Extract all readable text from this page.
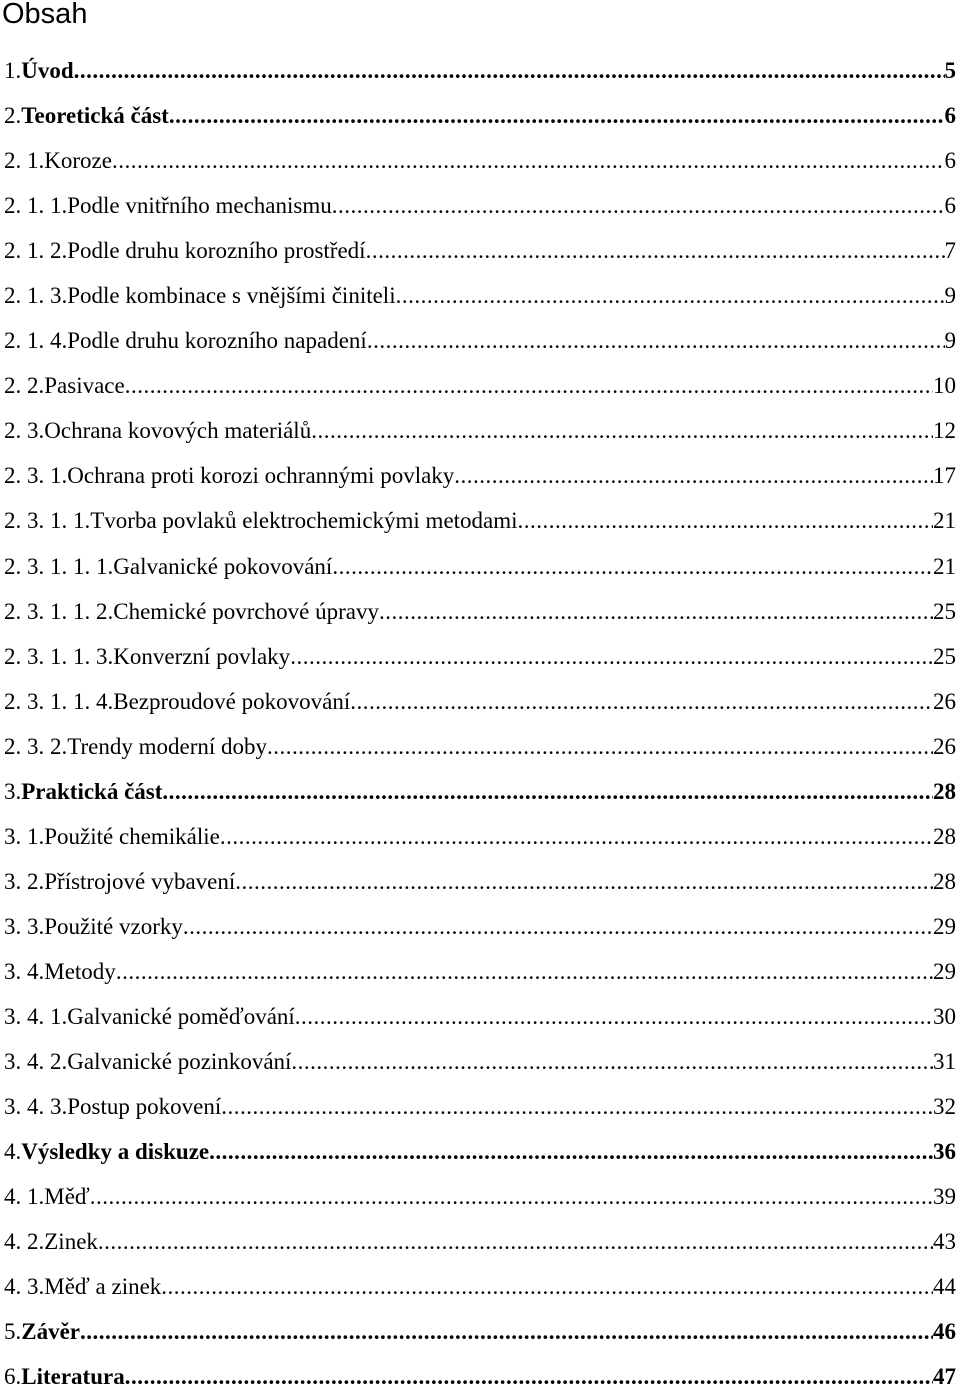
Obsah
1. Úvod .....	5
2. Teoretická část .....	6
2. 1. Koroze .....	6
2. 1. 1. Podle vnitřního mechanismu .....	6
2. 1. 2. Podle druhu korozního prostředí .....	7
2. 1. 3. Podle kombinace s vnějšími činiteli .....	9
2. 1. 4. Podle druhu korozního napadení .....	9
2. 2. Pasivace .....	10
2. 3. Ochrana kovových materiálů .....	12
2. 3. 1. Ochrana proti korozi ochrannými povlaky .....	17
2. 3. 1. 1. Tvorba povlaků elektrochemickými metodami .....	21
2. 3. 1. 1. 1. Galvanické pokovování .....	21
2. 3. 1. 1. 2. Chemické povrchové úpravy .....	25
2. 3. 1. 1. 3. Konverzní povlaky .....	25
2. 3. 1. 1. 4. Bezproudové pokovování .....	26
2. 3. 2. Trendy moderní doby .....	26
3. Praktická část .....	28
3. 1. Použité chemikálie .....	28
3. 2. Přístrojové vybavení .....	28
3. 3. Použité vzorky .....	29
3. 4. Metody .....	29
3. 4. 1. Galvanické poměďování .....	30
3. 4. 2. Galvanické pozinkování .....	31
3. 4. 3. Postup pokovení .....	32
4. Výsledky a diskuze .....	36
4. 1. Měď .....	39
4. 2. Zinek .....	43
4. 3. Měď a zinek .....	44
5. Závěr .....	46
6. Literatura .....	47
